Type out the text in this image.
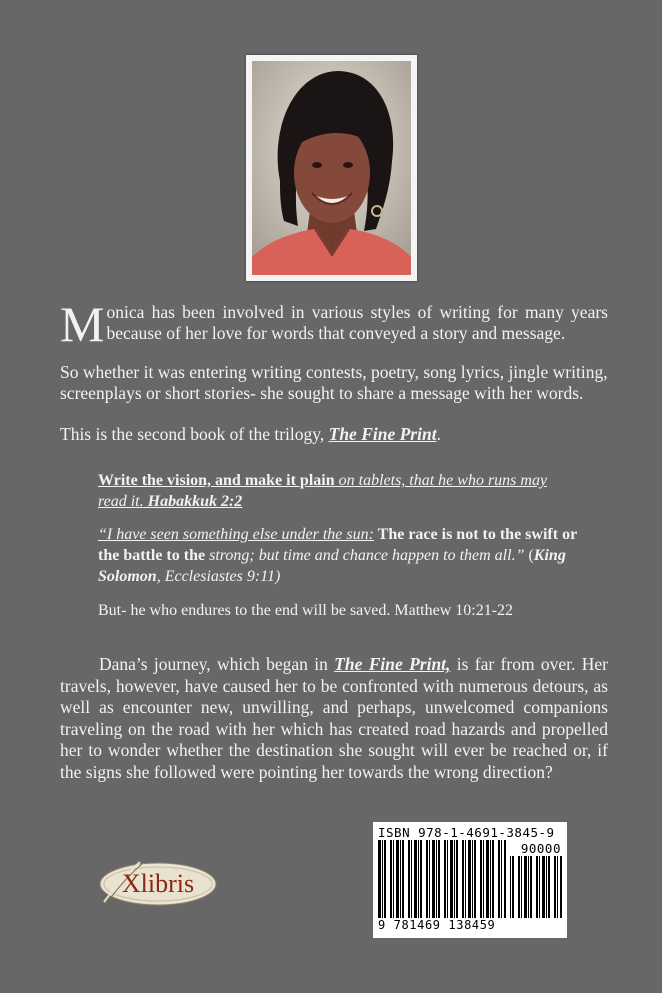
Monica has been involved in various styles of writing for many years because of her love for words that conveyed a story and message.
So whether it was entering writing contests, poetry, song lyrics, jingle writing, screenplays or short stories- she sought to share a message with her words.
This is the second book of the trilogy, The Fine Print.
Write the vision, and make it plain on tablets, that he who runs may read it. Habakkuk 2:2
“I have seen something else under the sun: The race is not to the swift or the battle to the strong; but time and chance happen to them all.” (King Solomon, Ecclesiastes 9:11)
But- he who endures to the end will be saved. Matthew 10:21-22
Dana’s journey, which began in The Fine Print, is far from over. Her travels, however, have caused her to be confronted with numerous detours, as well as encounter new, unwilling, and perhaps, unwelcomed companions traveling on the road with her which has created road hazards and propelled her to wonder whether the destination she sought will ever be reached or, if the signs she followed were pointing her towards the wrong direction?
ISBN 978-1-4691-3845-9
90000
9 781469 138459
Xlibris
